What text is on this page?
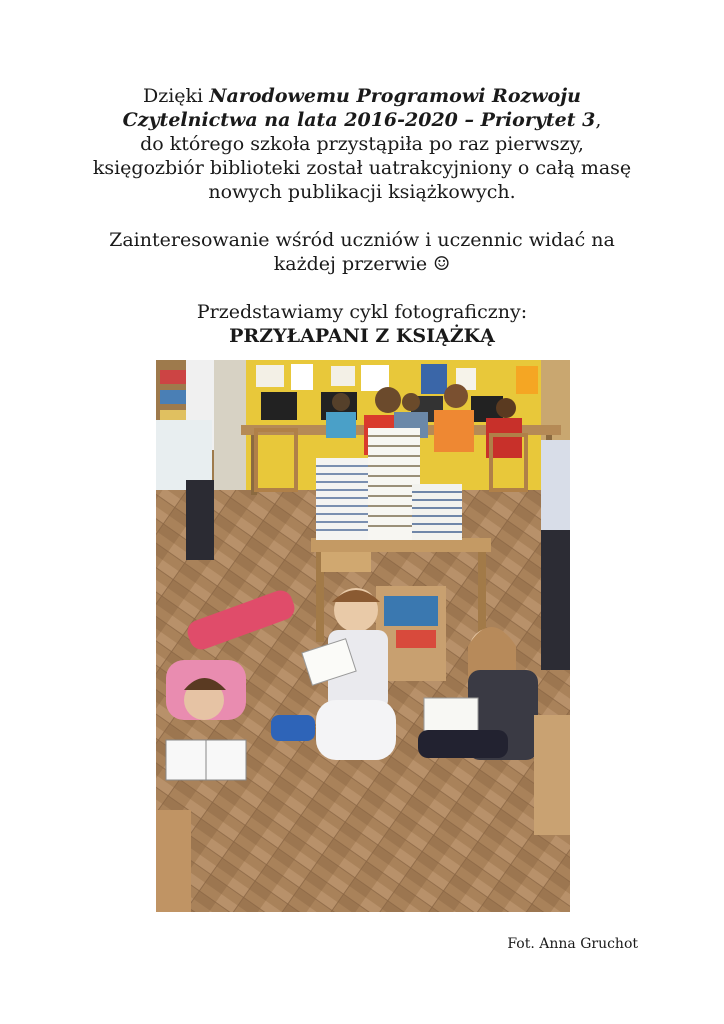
Dzięki Narodowemu Programowi Rozwoju
Czytelnictwa na lata 2016-2020 – Priorytet 3,
do którego szkoła przystąpiła po raz pierwszy,
księgozbiór biblioteki został uatrakcyjniony o całą masę
nowych publikacji książkowych.

Zainteresowanie wśród uczniów i uczennic widać na
każdej przerwie ☺

Przedstawiamy cykl fotograficzny:
PRZYŁAPANI Z KSIĄŻKĄ

Fot. Anna Gruchot
